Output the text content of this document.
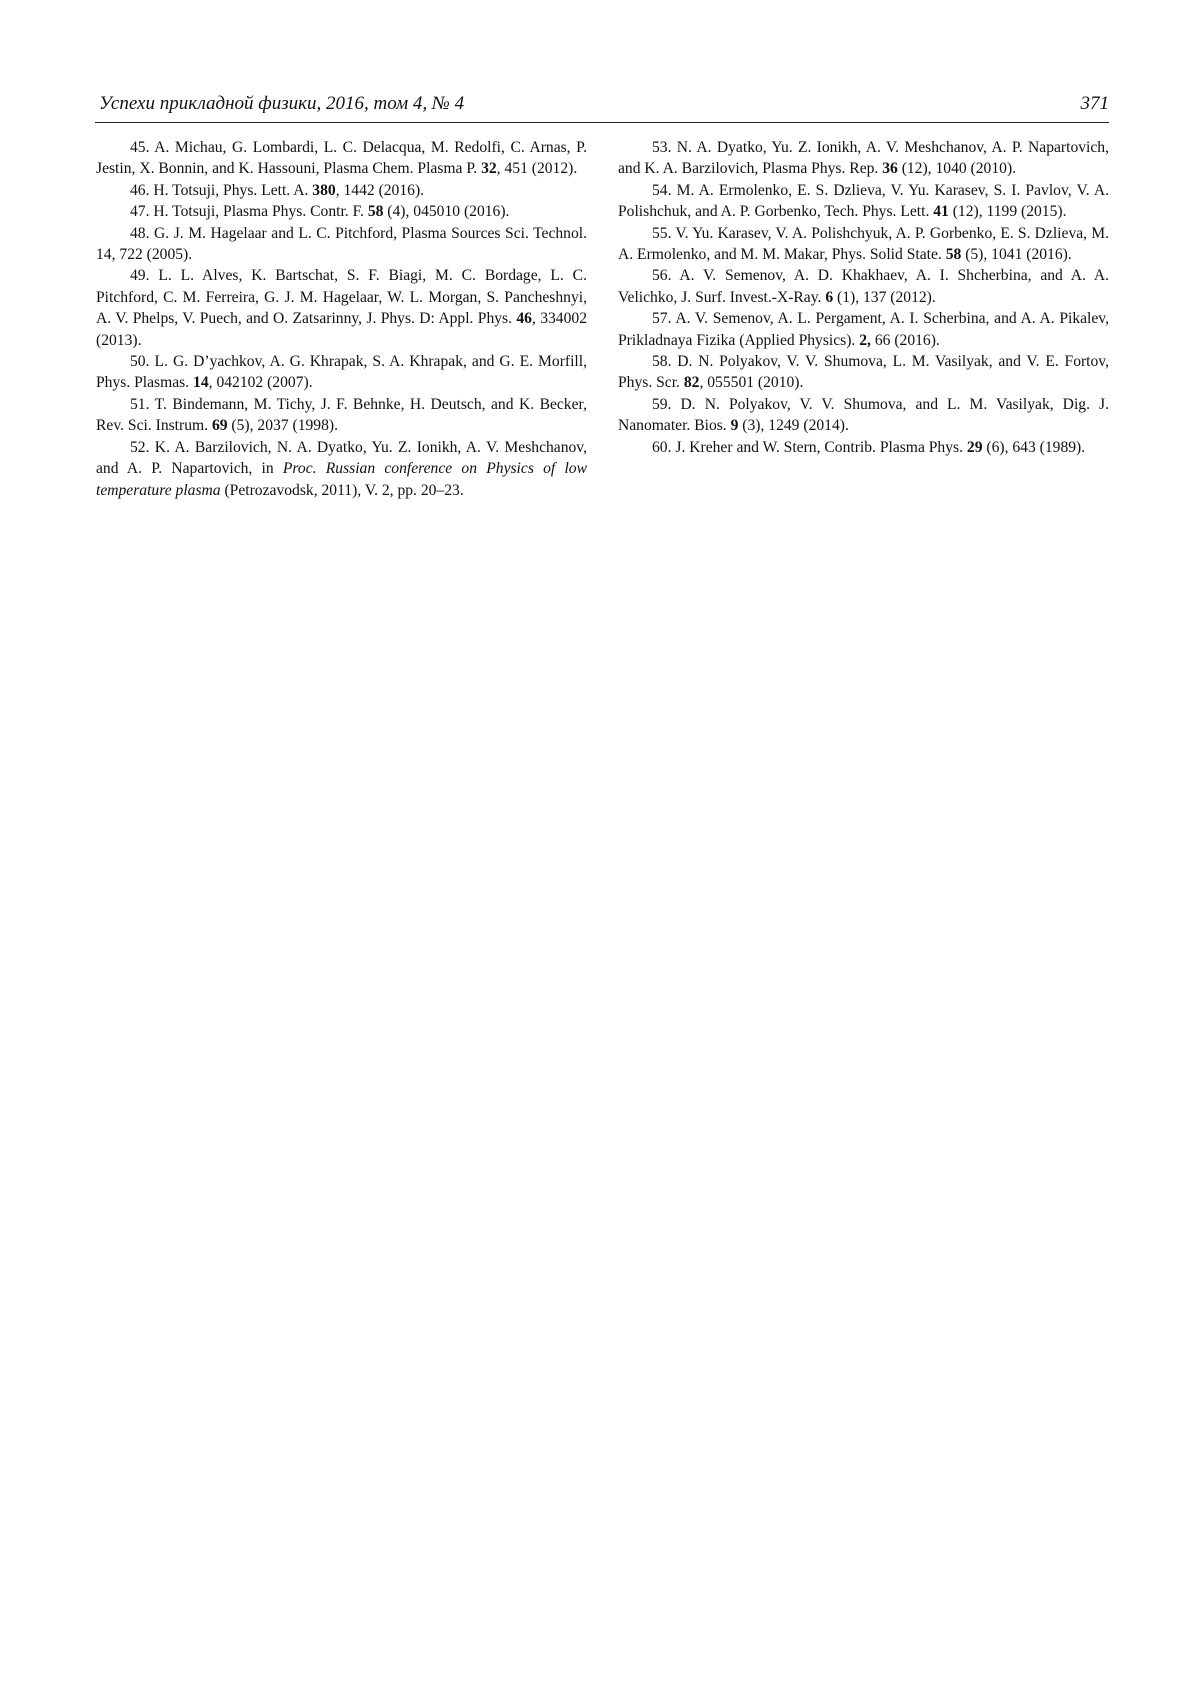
Успехи прикладной физики, 2016, том 4, № 4	371

45. A. Michau, G. Lombardi, L. C. Delacqua, M. Redolfi, C. Arnas, P. Jestin, X. Bonnin, and K. Hassouni, Plasma Chem. Plasma P. 32, 451 (2012).

46. H. Totsuji, Phys. Lett. A. 380, 1442 (2016).

47. H. Totsuji, Plasma Phys. Contr. F. 58 (4), 045010 (2016).

48. G. J. M. Hagelaar and L. C. Pitchford, Plasma Sources Sci. Technol. 14, 722 (2005).

49. L. L. Alves, K. Bartschat, S. F. Biagi, M. C. Bordage, L. C. Pitchford, C. M. Ferreira, G. J. M. Hagelaar, W. L. Morgan, S. Pancheshnyi, A. V. Phelps, V. Puech, and O. Zatsarinny, J. Phys. D: Appl. Phys. 46, 334002 (2013).

50. L. G. D’yachkov, A. G. Khrapak, S. A. Khrapak, and G. E. Morfill, Phys. Plasmas. 14, 042102 (2007).

51. T. Bindemann, M. Tichy, J. F. Behnke, H. Deutsch, and K. Becker, Rev. Sci. Instrum. 69 (5), 2037 (1998).

52. K. A. Barzilovich, N. A. Dyatko, Yu. Z. Ionikh, A. V. Meshchanov, and A. P. Napartovich, in Proc. Russian conference on Physics of low temperature plasma (Petrozavodsk, 2011), V. 2, pp. 20–23.

53. N. A. Dyatko, Yu. Z. Ionikh, A. V. Meshchanov, A. P. Napartovich, and K. A. Barzilovich, Plasma Phys. Rep. 36 (12), 1040 (2010).

54. M. A. Ermolenko, E. S. Dzlieva, V. Yu. Karasev, S. I. Pavlov, V. A. Polishchuk, and A. P. Gorbenko, Tech. Phys. Lett. 41 (12), 1199 (2015).

55. V. Yu. Karasev, V. A. Polishchyuk, A. P. Gorbenko, E. S. Dzlieva, M. A. Ermolenko, and M. M. Makar, Phys. Solid State. 58 (5), 1041 (2016).

56. A. V. Semenov, A. D. Khakhaev, A. I. Shcherbina, and A. A. Velichko, J. Surf. Invest.-X-Ray. 6 (1), 137 (2012).

57. A. V. Semenov, A. L. Pergament, A. I. Scherbina, and A. A. Pikalev, Prikladnaya Fizika (Applied Physics). 2, 66 (2016).

58. D. N. Polyakov, V. V. Shumova, L. M. Vasilyak, and V. E. Fortov, Phys. Scr. 82, 055501 (2010).

59. D. N. Polyakov, V. V. Shumova, and L. M. Vasilyak, Dig. J. Nanomater. Bios. 9 (3), 1249 (2014).

60. J. Kreher and W. Stern, Contrib. Plasma Phys. 29 (6), 643 (1989).
